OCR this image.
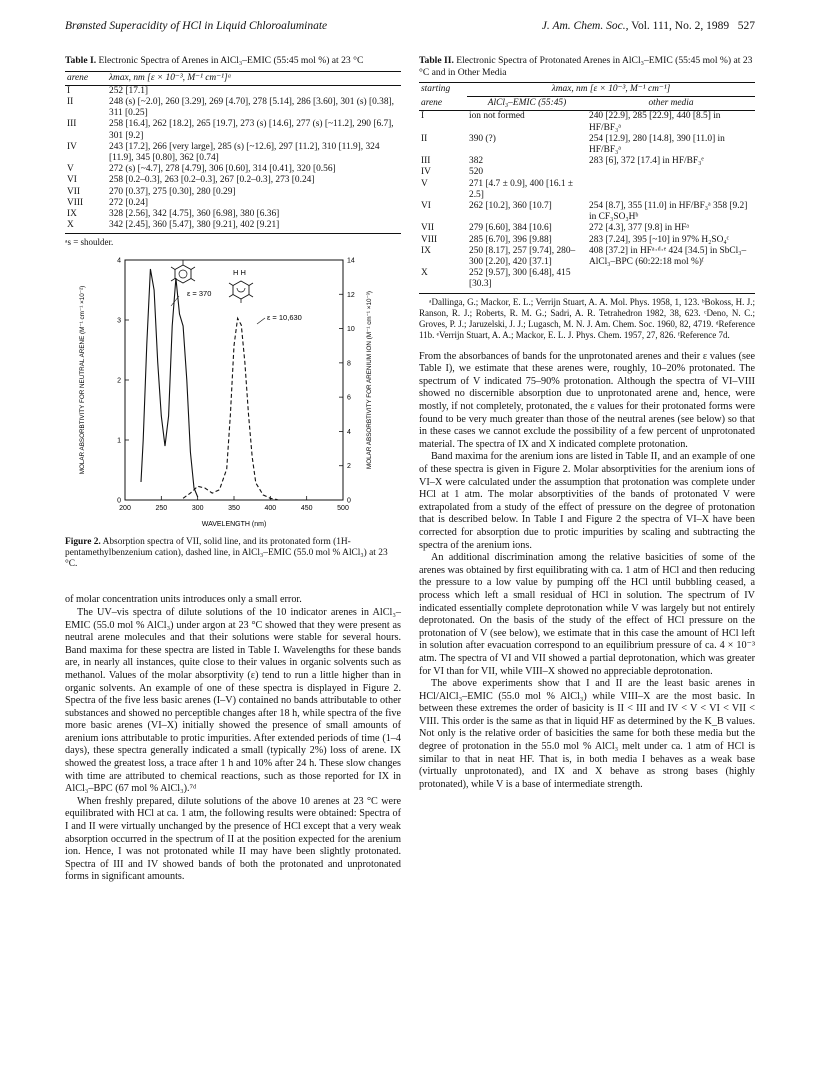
Brønsted Superacidity of HCl in Liquid Chloroaluminate	J. Am. Chem. Soc., Vol. 111, No. 2, 1989 527
Table I. Electronic Spectra of Arenes in AlCl₃–EMIC (55:45 mol %) at 23 °C
arene	λmax, nm [ε × 10⁻³, M⁻¹ cm⁻¹]ᵃ
I	252 [17.1]
II	248 (s) [~2.0], 260 [3.29], 269 [4.70], 278 [5.14], 286 [3.60], 301 (s) [0.38], 311 [0.25]
III	258 [16.4], 262 [18.2], 265 [19.7], 273 (s) [14.6], 277 (s) [~11.2], 290 [6.7], 301 [9.2]
IV	243 [17.2], 266 [very large], 285 (s) [~12.6], 297 [11.2], 310 [11.9], 324 [11.9], 345 [0.80], 362 [0.74]
V	272 (s) [~4.7], 278 [4.79], 306 [0.60], 314 [0.41], 320 [0.56]
VI	258 [0.2–0.3], 263 [0.2–0.3], 267 [0.2–0.3], 273 [0.24]
VII	270 [0.37], 275 [0.30], 280 [0.29]
VIII	272 [0.24]
IX	328 [2.56], 342 [4.75], 360 [6.98], 380 [6.36]
X	342 [2.45], 360 [5.47], 380 [9.21], 402 [9.21]
ᵃs = shoulder.
200	250	300	350	400	450	500
0
1
2
3
4
0
2
4
6
8
10
12
14
H H
ε = 370
ε = 10,630
WAVELENGTH (nm)
MOLAR ABSORBTIVITY FOR NEUTRAL ARENE (M⁻¹ cm⁻¹ ×10⁻²)	MOLAR ABSORBTIVITY FOR ARENIUM ION (M⁻¹ cm⁻¹ ×10⁻³)
Figure 2. Absorption spectra of VII, solid line, and its protonated form (1H-pentamethylbenzenium cation), dashed line, in AlCl₃–EMIC (55.0 mol % AlCl₃) at 23 °C.

of molar concentration units introduces only a small error.

The UV–vis spectra of dilute solutions of the 10 indicator arenes in AlCl₃–EMIC (55.0 mol % AlCl₃) under argon at 23 °C showed that they were present as neutral arene molecules and that their solutions were stable for several hours. Band maxima for these spectra are listed in Table I. Wavelengths for these bands are, in nearly all instances, quite close to their values in organic solvents such as methanol. Values of the molar absorptivity (ε) tend to run a little higher than in organic solvents. An example of one of these spectra is displayed in Figure 2. Spectra of the five less basic arenes (I–V) contained no bands attributable to other substances and showed no perceptible changes after 18 h, while spectra of the five more basic arenes (VI–X) initially showed the presence of small amounts of arenium ions attributable to protic impurities. After extended periods of time (1–4 days), these spectra generally indicated a small (typically 2%) loss of arene. IX showed the greatest loss, a trace after 1 h and 10% after 24 h. These slow changes with time are attributed to chemical reactions, such as those reported for IX in AlCl₃–BPC (67 mol % AlCl₃).⁷ᵈ

When freshly prepared, dilute solutions of the above 10 arenes at 23 °C were equilibrated with HCl at ca. 1 atm, the following results were obtained: Spectra of I and II were virtually unchanged by the presence of HCl except that a very weak absorption occurred in the spectrum of II at the position expected for the arenium ion. Hence, I was not protonated while II may have been slightly protonated. Spectra of III and IV showed bands of both the protonated and unprotonated forms in significant amounts.

Table II. Electronic Spectra of Protonated Arenes in AlCl₃–EMIC (55:45 mol %) at 23 °C and in Other Media
starting	λmax, nm [ε × 10⁻³, M⁻¹ cm⁻¹]	
arene	AlCl₃–EMIC (55:45)	other media
I	ion not formed	240 [22.9], 285 [22.9], 440 [8.5] in HF/BF₃ᵃ
II	390 (?)	254 [12.9], 280 [14.8], 390 [11.0] in HF/BF₃ᵃ
III	382	283 [6], 372 [17.4] in HF/BF₃ᵉ
IV	520	
V	271 [4.7 ± 0.9], 400 [16.1 ± 2.5]	
VI	262 [10.2], 360 [10.7]	254 [8.7], 355 [11.0] in HF/BF₃ᵃ 358 [9.2] in CF₃SO₃Hᵇ
VII	279 [6.60], 384 [10.6]	272 [4.3], 377 [9.8] in HFᵃ
VIII	285 [6.70], 396 [9.88]	283 [7.24], 395 [~10] in 97% H₂SO₄ᶜ
IX	250 [8.17], 257 [9.74], 280–300 [2.20], 420 [37.1]	408 [37.2] in HFᵃ·ᵈ·ᵉ 424 [34.5] in SbCl₃–AlCl₃–BPC (60:22:18 mol %)ᶠ
X	252 [9.57], 300 [6.48], 415 [30.3]	
ᵃDallinga, G.; Mackor, E. L.; Verrijn Stuart, A. A. Mol. Phys. 1958, 1, 123. ᵇBokoss, H. J.; Ranson, R. J.; Roberts, R. M. G.; Sadri, A. R. Tetrahedron 1982, 38, 623. ᶜDeno, N. C.; Groves, P. J.; Jaruzelski, J. J.; Lugasch, M. N. J. Am. Chem. Soc. 1960, 82, 4719. ᵈReference 11b. ᵉVerrijn Stuart, A. A.; Mackor, E. L. J. Phys. Chem. 1957, 27, 826. ᶠReference 7d.

From the absorbances of bands for the unprotonated arenes and their ε values (see Table I), we estimate that these arenes were, roughly, 10–20% protonated. The spectrum of V indicated 75–90% protonation. Although the spectra of VI–VIII showed no discernible absorption due to unprotonated arene and, hence, were mostly, if not completely, protonated, the ε values for their protonated forms were found to be very much greater than those of the neutral arenes (see below) so that in these cases we cannot exclude the possibility of a few percent of unprotonated material. The spectra of IX and X indicated complete protonation.

Band maxima for the arenium ions are listed in Table II, and an example of one of these spectra is given in Figure 2. Molar absorptivities for the arenium ions of VI–X were calculated under the assumption that protonation was complete under HCl at 1 atm. The molar absorptivities of the bands of protonated V were extrapolated from a study of the effect of pressure on the degree of protonation that is described below. In Table I and Figure 2 the spectra of VI–X have been corrected for absorption due to protic impurities by scaling and subtracting the spectra of the arenium ions.

An additional discrimination among the relative basicities of some of the arenes was obtained by first equilibrating with ca. 1 atm of HCl and then reducing the pressure to a low value by pumping off the HCl until bubbling ceased, a process which left a small residual of HCl in solution. The spectrum of IV indicated essentially complete deprotonation while V was largely but not entirely deprotonated. On the basis of the study of the effect of HCl pressure on the protonation of V (see below), we estimate that in this case the amount of HCl left in solution after evacuation correspond to an equilibrium pressure of ca. 4 × 10⁻³ atm. The spectra of VI and VII showed a partial deprotonation, which was greater for VI than for VII, while VIII–X showed no appreciable deprotonation.

The above experiments show that I and II are the least basic arenes in HCl/AlCl₃–EMIC (55.0 mol % AlCl₃) while VIII–X are the most basic. In between these extremes the order of basicity is II < III and IV < V < VI < VII < VIII. This order is the same as that in liquid HF as determined by the K_B values. Not only is the relative order of basicities the same for both these media but the degree of protonation in the 55.0 mol % AlCl₃ melt under ca. 1 atm of HCl is similar to that in neat HF. That is, in both media I behaves as a weak base (virtually unprotonated), and IX and X behave as strong bases (highly protonated), while V is a base of intermediate strength.
